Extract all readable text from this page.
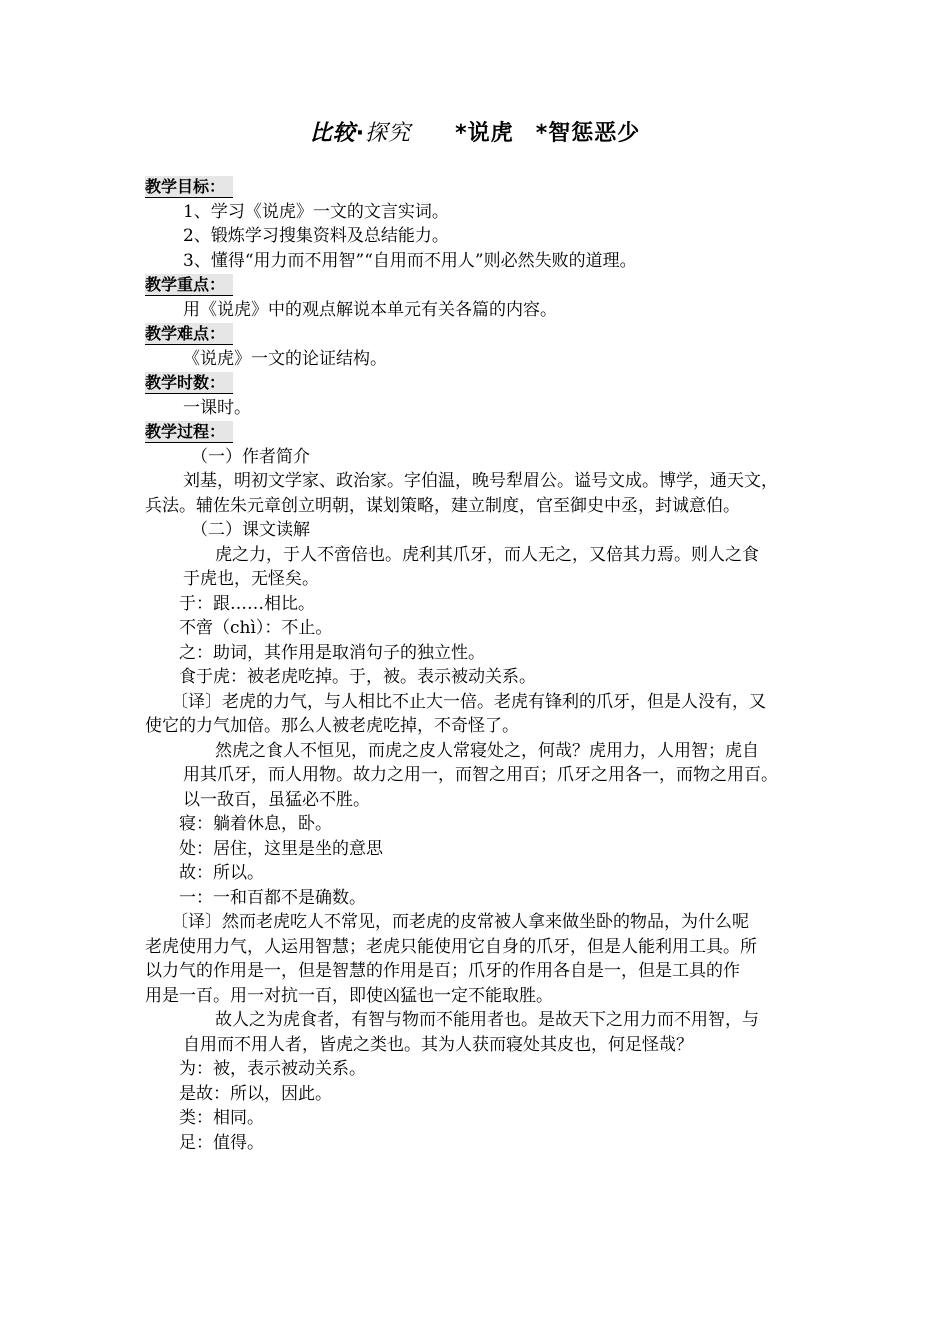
比较·探究 *说虎 *智惩恶少
教学目标：
1、学习《说虎》一文的文言实词。
2、锻炼学习搜集资料及总结能力。
3、懂得“用力而不用智”“自用而不用人”则必然失败的道理。
教学重点：
用《说虎》中的观点解说本单元有关各篇的内容。
教学难点：
《说虎》一文的论证结构。
教学时数：
一课时。
教学过程：
（一）作者简介
刘基，明初文学家、政治家。字伯温，晚号犁眉公。谥号文成。博学，通天文，
兵法。辅佐朱元章创立明朝，谋划策略，建立制度，官至御史中丞，封诚意伯。
（二）课文读解
虎之力，于人不啻倍也。虎利其爪牙，而人无之，又倍其力焉。则人之食
于虎也，无怪矣。
于：跟……相比。
不啻（chì）：不止。
之：助词，其作用是取消句子的独立性。
食于虎：被老虎吃掉。于，被。表示被动关系。
〔译〕老虎的力气，与人相比不止大一倍。老虎有锋利的爪牙，但是人没有，又
使它的力气加倍。那么人被老虎吃掉，不奇怪了。
然虎之食人不恒见，而虎之皮人常寝处之，何哉？虎用力，人用智；虎自
用其爪牙，而人用物。故力之用一，而智之用百；爪牙之用各一，而物之用百。
以一敌百，虽猛必不胜。
寝：躺着休息，卧。
处：居住，这里是坐的意思
故：所以。
一：一和百都不是确数。
〔译〕然而老虎吃人不常见，而老虎的皮常被人拿来做坐卧的物品，为什么呢
老虎使用力气，人运用智慧；老虎只能使用它自身的爪牙，但是人能利用工具。所
以力气的作用是一，但是智慧的作用是百；爪牙的作用各自是一，但是工具的作
用是一百。用一对抗一百，即使凶猛也一定不能取胜。
故人之为虎食者，有智与物而不能用者也。是故天下之用力而不用智，与
自用而不用人者，皆虎之类也。其为人获而寝处其皮也，何足怪哉？
为：被，表示被动关系。
是故：所以，因此。
类：相同。
足：值得。
